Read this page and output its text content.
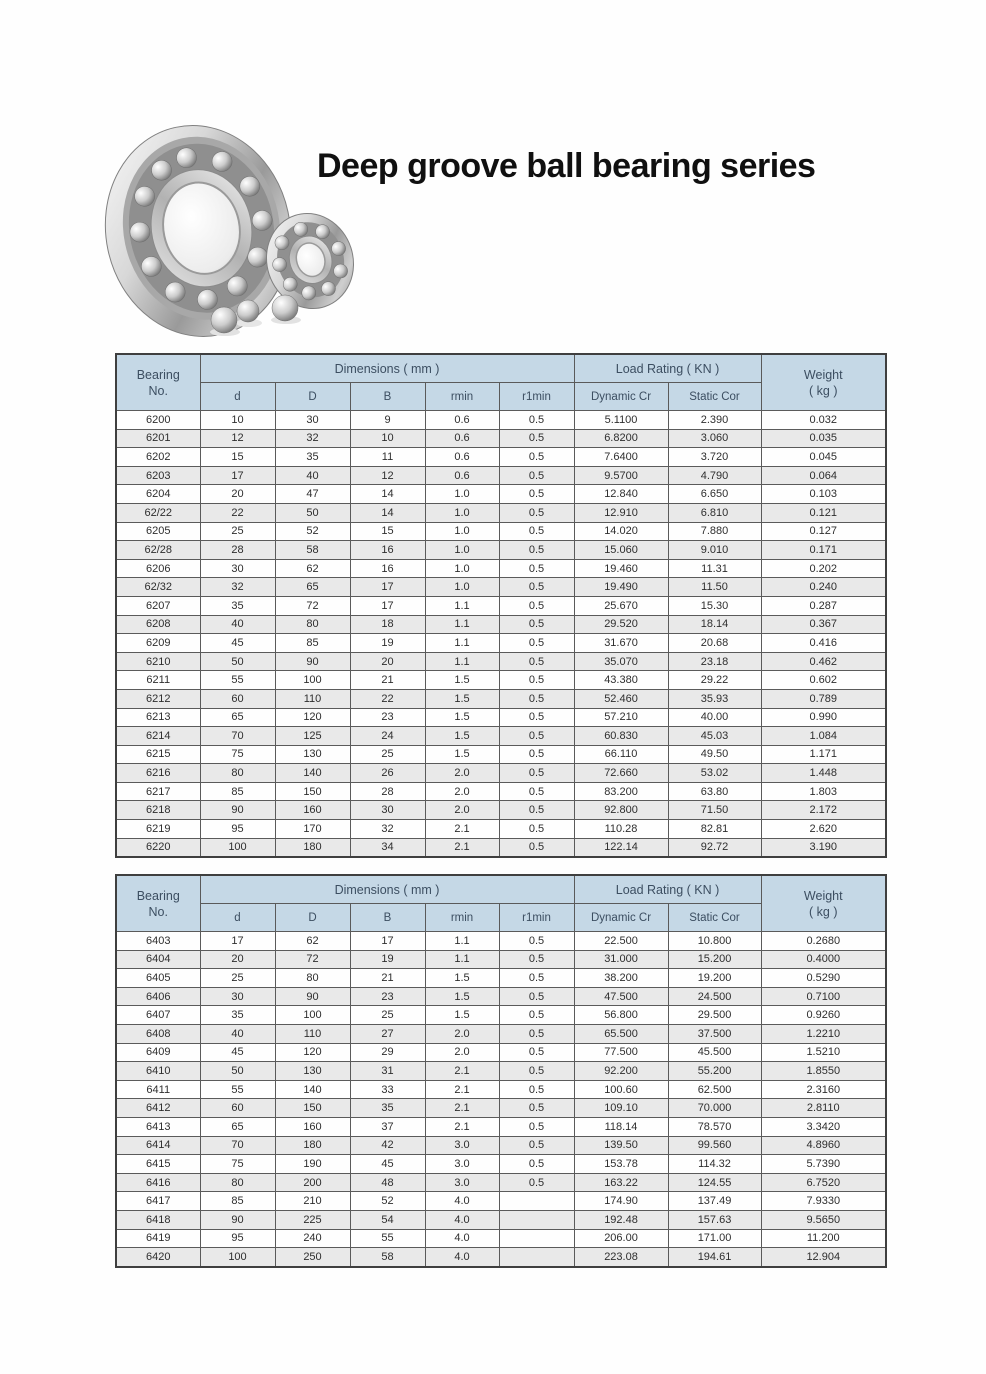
Deep groove ball bearing series
Bearing
No.	Dimensions ( mm )					Load Rating ( KN )		Weight
( kg )
	d	D	B	rmin	r1min	Dynamic Cr	Static Cor	
6200	10	30	9	0.6	0.5	5.1100	2.390	0.032
6201	12	32	10	0.6	0.5	6.8200	3.060	0.035
6202	15	35	11	0.6	0.5	7.6400	3.720	0.045
6203	17	40	12	0.6	0.5	9.5700	4.790	0.064
6204	20	47	14	1.0	0.5	12.840	6.650	0.103
62/22	22	50	14	1.0	0.5	12.910	6.810	0.121
6205	25	52	15	1.0	0.5	14.020	7.880	0.127
62/28	28	58	16	1.0	0.5	15.060	9.010	0.171
6206	30	62	16	1.0	0.5	19.460	11.31	0.202
62/32	32	65	17	1.0	0.5	19.490	11.50	0.240
6207	35	72	17	1.1	0.5	25.670	15.30	0.287
6208	40	80	18	1.1	0.5	29.520	18.14	0.367
6209	45	85	19	1.1	0.5	31.670	20.68	0.416
6210	50	90	20	1.1	0.5	35.070	23.18	0.462
6211	55	100	21	1.5	0.5	43.380	29.22	0.602
6212	60	110	22	1.5	0.5	52.460	35.93	0.789
6213	65	120	23	1.5	0.5	57.210	40.00	0.990
6214	70	125	24	1.5	0.5	60.830	45.03	1.084
6215	75	130	25	1.5	0.5	66.110	49.50	1.171
6216	80	140	26	2.0	0.5	72.660	53.02	1.448
6217	85	150	28	2.0	0.5	83.200	63.80	1.803
6218	90	160	30	2.0	0.5	92.800	71.50	2.172
6219	95	170	32	2.1	0.5	110.28	82.81	2.620
6220	100	180	34	2.1	0.5	122.14	92.72	3.190
Bearing
No.	Dimensions ( mm )					Load Rating ( KN )		Weight
( kg )
	d	D	B	rmin	r1min	Dynamic Cr	Static Cor	
6403	17	62	17	1.1	0.5	22.500	10.800	0.2680
6404	20	72	19	1.1	0.5	31.000	15.200	0.4000
6405	25	80	21	1.5	0.5	38.200	19.200	0.5290
6406	30	90	23	1.5	0.5	47.500	24.500	0.7100
6407	35	100	25	1.5	0.5	56.800	29.500	0.9260
6408	40	110	27	2.0	0.5	65.500	37.500	1.2210
6409	45	120	29	2.0	0.5	77.500	45.500	1.5210
6410	50	130	31	2.1	0.5	92.200	55.200	1.8550
6411	55	140	33	2.1	0.5	100.60	62.500	2.3160
6412	60	150	35	2.1	0.5	109.10	70.000	2.8110
6413	65	160	37	2.1	0.5	118.14	78.570	3.3420
6414	70	180	42	3.0	0.5	139.50	99.560	4.8960
6415	75	190	45	3.0	0.5	153.78	114.32	5.7390
6416	80	200	48	3.0	0.5	163.22	124.55	6.7520
6417	85	210	52	4.0		174.90	137.49	7.9330
6418	90	225	54	4.0		192.48	157.63	9.5650
6419	95	240	55	4.0		206.00	171.00	11.200
6420	100	250	58	4.0		223.08	194.61	12.904
